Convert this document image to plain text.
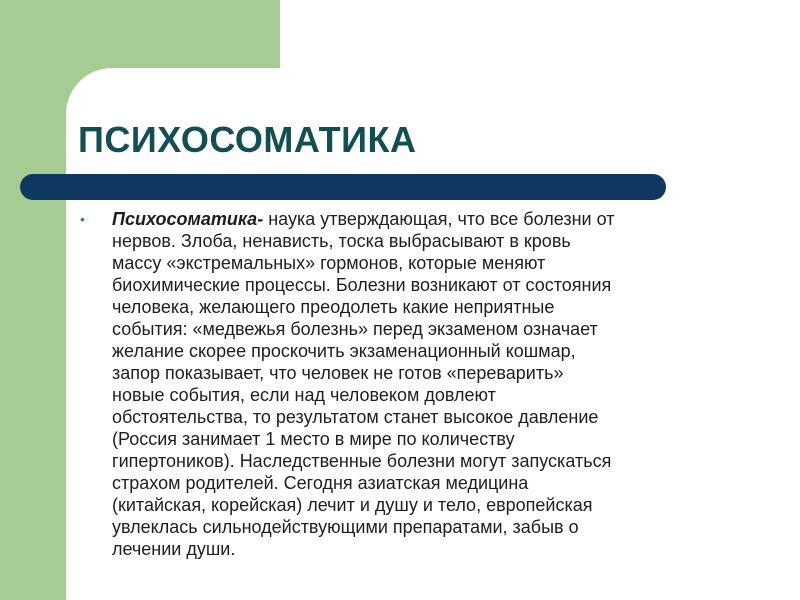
ПСИХОСОМАТИКА
• Психосоматика- наука утверждающая, что все болезни от
нервов. Злоба, ненависть, тоска выбрасывают в кровь
массу «экстремальных» гормонов, которые меняют
биохимические процессы. Болезни возникают от состояния
человека, желающего преодолеть какие неприятные
события: «медвежья болезнь» перед экзаменом означает
желание скорее проскочить экзаменационный кошмар,
запор показывает, что человек не готов «переварить»
новые события, если над человеком довлеют
обстоятельства, то результатом станет высокое давление
(Россия занимает 1 место в мире по количеству
гипертоников). Наследственные болезни могут запускаться
страхом родителей. Сегодня азиатская медицина
(китайская, корейская) лечит и душу и тело, европейская
увлеклась сильнодействующими препаратами, забыв о
лечении души.
